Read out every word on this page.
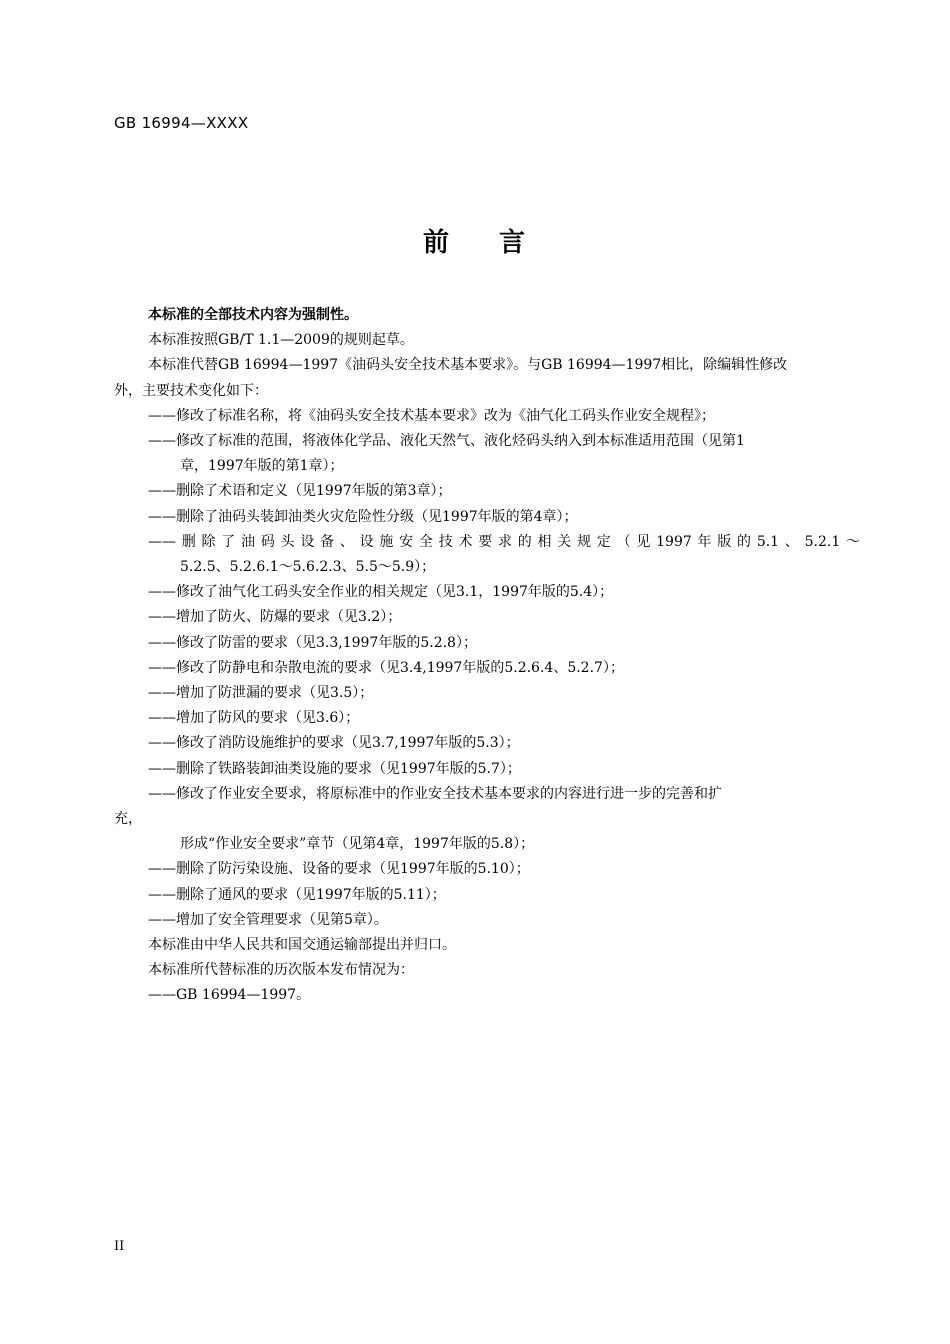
GB 16994—XXXX
前 言

本标准的全部技术内容为强制性。

本标准按照GB/T 1.1—2009的规则起草。

本标准代替GB 16994—1997《油码头安全技术基本要求》。与GB 16994—1997相比，除编辑性修改

外，主要技术变化如下：

——修改了标准名称，将《油码头安全技术基本要求》改为《油气化工码头作业安全规程》；

——修改了标准的范围，将液体化学品、液化天然气、液化烃码头纳入到本标准适用范围（见第1

章，1997年版的第1章）；

——删除了术语和定义（见1997年版的第3章）；

——删除了油码头装卸油类火灾危险性分级（见1997年版的第4章）；

——删除了油码头设备、设施安全技术要求的相关规定（见1997年版的5.1、5.2.1～

5.2.5、5.2.6.1～5.6.2.3、5.5～5.9）；

——修改了油气化工码头安全作业的相关规定（见3.1，1997年版的5.4）；

——增加了防火、防爆的要求（见3.2）；

——修改了防雷的要求（见3.3,1997年版的5.2.8）；

——修改了防静电和杂散电流的要求（见3.4,1997年版的5.2.6.4、5.2.7）；

——增加了防泄漏的要求（见3.5）；

——增加了防风的要求（见3.6）；

——修改了消防设施维护的要求（见3.7,1997年版的5.3）；

——删除了铁路装卸油类设施的要求（见1997年版的5.7）；

——修改了作业安全要求，将原标准中的作业安全技术基本要求的内容进行进一步的完善和扩

充，

形成“作业安全要求”章节（见第4章，1997年版的5.8）；

——删除了防污染设施、设备的要求（见1997年版的5.10）；

——删除了通风的要求（见1997年版的5.11）；

——增加了安全管理要求（见第5章）。

本标准由中华人民共和国交通运输部提出并归口。

本标准所代替标准的历次版本发布情况为：

——GB 16994—1997。

II
